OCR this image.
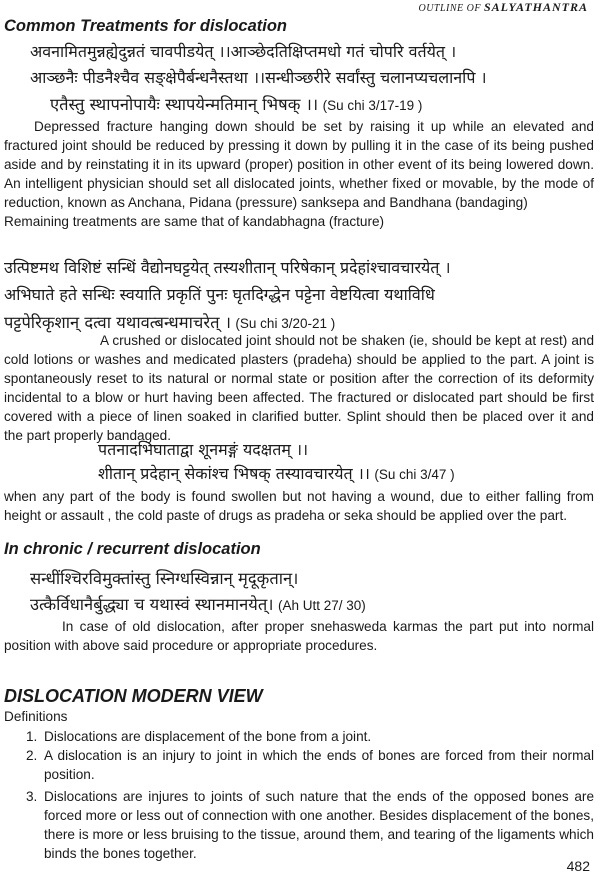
OUTLINE OF SALYATHANTRA
Common Treatments for dislocation
अवनामितमुन्नह्येदुन्नतं चावपीडयेत् ।।आञ्छेदतिक्षिप्तमधो गतं चोपरि वर्तयेत् ।
आञ्छनैः पीडनैश्चैव सङ्क्षेपैर्बन्धनैस्तथा ।।सन्धीञ्छरीरे सर्वांस्तु चलानप्यचलानपि ।
एतैस्तु स्थापनोपायैः स्थापयेन्मतिमान् भिषक् ।। (Su chi 3/17-19 )

Depressed fracture hanging down should be set by raising it up while an elevated and fractured joint should be reduced by pressing it down by pulling it in the case of its being pushed aside and by reinstating it in its upward (proper) position in other event of its being lowered down. An intelligent physician should set all dislocated joints, whether fixed or movable, by the mode of reduction, known as Anchana, Pidana (pressure) sanksepa and Bandhana (bandaging)

Remaining treatments are same that of kandabhagna (fracture)

उत्पिष्टमथ विशिष्टं सन्धिं वैद्योनघट्टयेत् तस्यशीतान् परिषेकान् प्रदेहांश्चावचारयेत् ।
अभिघाते हते सन्धिः स्वयाति प्रकृतिं पुनः घृतदिग्द्धेन पट्टेना वेष्टयित्वा यथाविधि
पट्टपेरिकृशान् दत्वा यथावत्बन्धमाचरेत् । (Su chi 3/20-21 )

A crushed or dislocated joint should not be shaken (ie, should be kept at rest) and cold lotions or washes and medicated plasters (pradeha) should be applied to the part. A joint is spontaneously reset to its natural or normal state or position after the correction of its deformity incidental to a blow or hurt having been affected. The fractured or dislocated part should be first covered with a piece of linen soaked in clarified butter. Splint should then be placed over it and the part properly bandaged.

पतनादभिघाताद्वा शूनमङ्गं यदक्षतम् ।।
शीतान् प्रदेहान् सेकांश्च भिषक् तस्यावचारयेत् ।। (Su chi 3/47 )

when any part of the body is found swollen but not having a wound, due to either falling from height or assault , the cold paste of drugs as pradeha or seka should be applied over the part.

In chronic / recurrent dislocation
सन्धींश्चिरविमुक्तांस्तु स्निग्धस्विन्नान् मृदूकृतान्।
उत्कैर्विधानैर्बुद्ध्या च यथास्वं स्थानमानयेत्। (Ah Utt 27/ 30)

In case of old dislocation, after proper snehasweda karmas the part put into normal position with above said procedure or appropriate procedures.

DISLOCATION MODERN VIEW
Definitions
1. Dislocations are displacement of the bone from a joint.
2. A dislocation is an injury to joint in which the ends of bones are forced from their normal position.
3. Dislocations are injures to joints of such nature that the ends of the opposed bones are forced more or less out of connection with one another. Besides displacement of the bones, there is more or less bruising to the tissue, around them, and tearing of the ligaments which binds the bones together.
482
